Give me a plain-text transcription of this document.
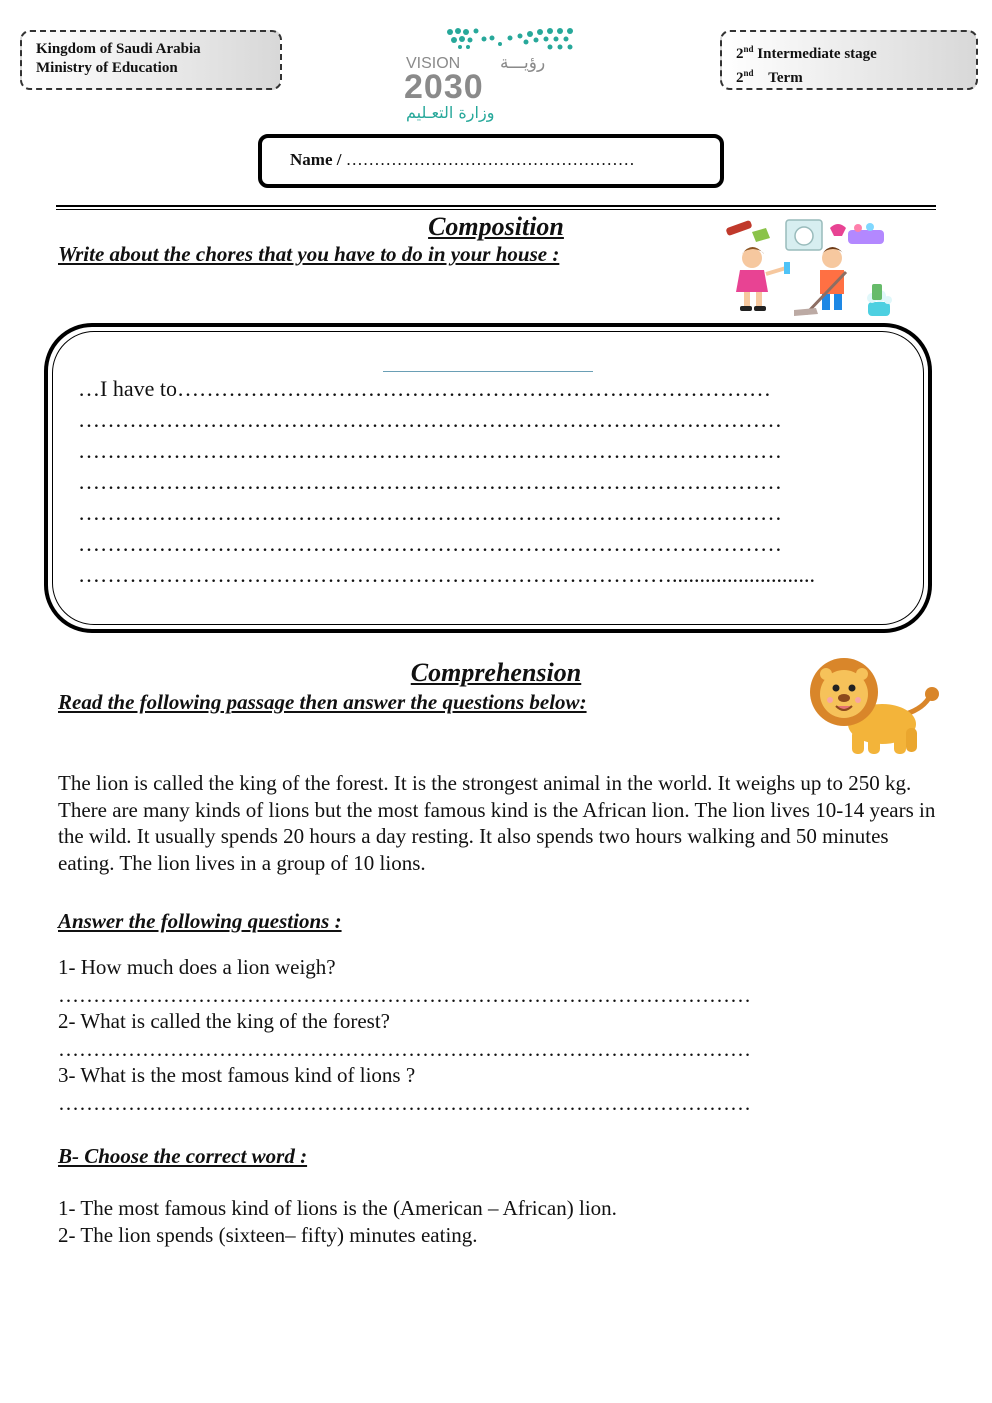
Kingdom of Saudi Arabia
Ministry of Education	VISION رؤيـــة
2030
وزارة التعـليم
2nd Intermediate stage
2nd    Term
Name / ……………………………………………
Composition
Write about the chores that you have to do in your house :
…I have to………………………………………………………………………
……………………………………………………………………………………
……………………………………………………………………………………
……………………………………………………………………………………
……………………………………………………………………………………
……………………………………………………………………………………
………………………………………………………………………..........................
Comprehension
Read the following passage then answer the questions below:
The lion is called the king of the forest. It is the strongest animal in the world. It weighs up to 250 kg. There are many kinds of lions but the most famous kind is the African lion. The lion lives 10-14 years in the wild. It usually spends 20 hours a day resting. It also spends two hours walking and 50 minutes eating. The lion lives in a group of 10 lions.
Answer the following questions :
1- How much does a lion weigh?
………………………………………………………………………………………
2- What is called the king of the forest?
………………………………………………………………………………………
3- What is the most famous kind of lions ?
………………………………………………………………………………………
B- Choose the correct word :
1- The most famous kind of lions is the (American – African) lion.
2- The lion spends (sixteen– fifty) minutes eating.
